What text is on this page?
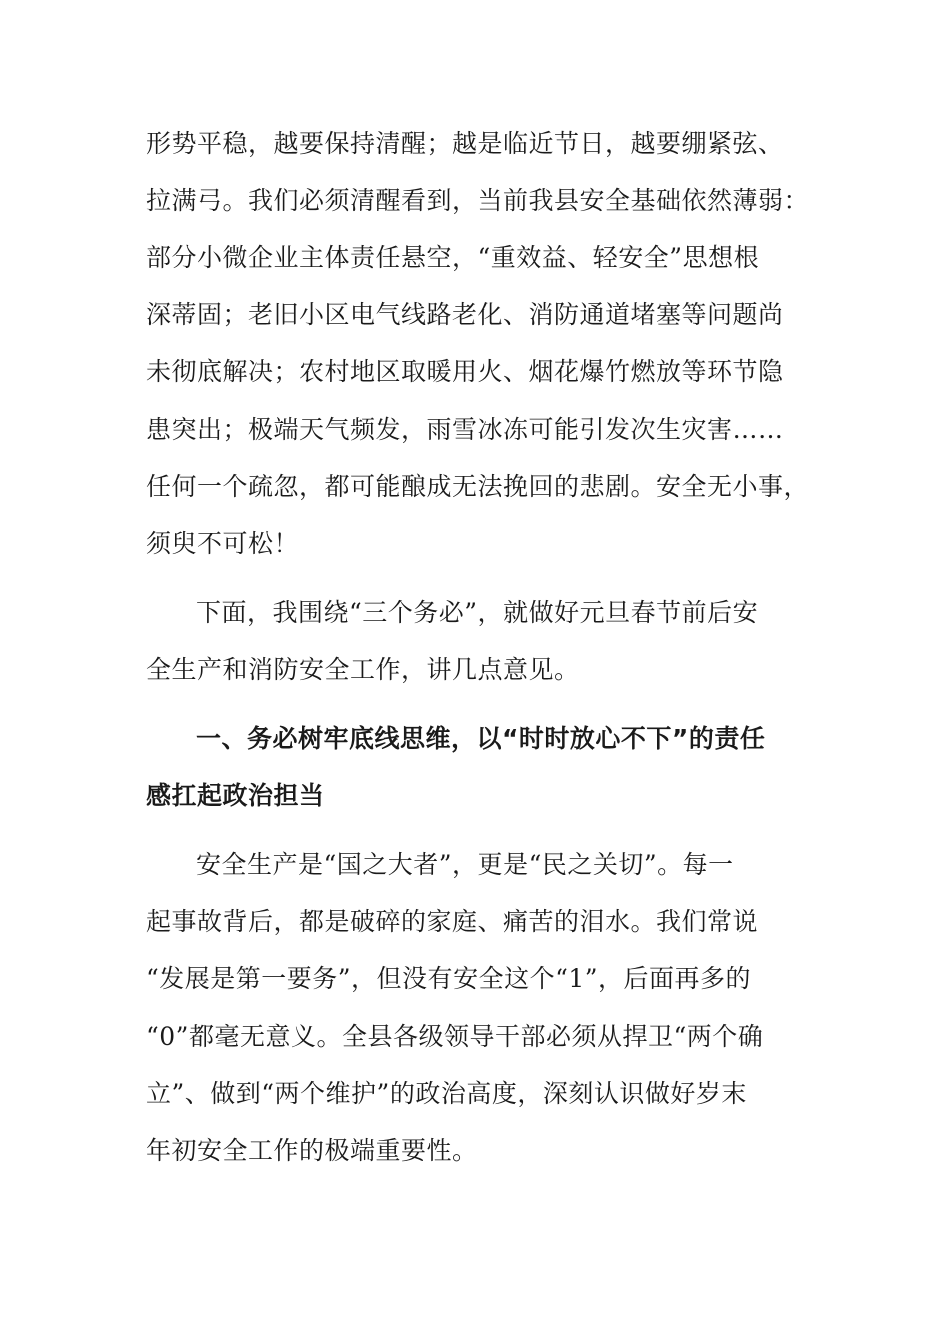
形势平稳，越要保持清醒；越是临近节日，越要绷紧弦、
拉满弓。我们必须清醒看到，当前我县安全基础依然薄弱：
部分小微企业主体责任悬空，“重效益、轻安全”思想根
深蒂固；老旧小区电气线路老化、消防通道堵塞等问题尚
未彻底解决；农村地区取暖用火、烟花爆竹燃放等环节隐
患突出；极端天气频发，雨雪冰冻可能引发次生灾害……
任何一个疏忽，都可能酿成无法挽回的悲剧。安全无小事，
须臾不可松！
下面，我围绕“三个务必”，就做好元旦春节前后安
全生产和消防安全工作，讲几点意见。
一、务必树牢底线思维，以“时时放心不下”的责任
感扛起政治担当
安全生产是“国之大者”，更是“民之关切”。每一
起事故背后，都是破碎的家庭、痛苦的泪水。我们常说
“发展是第一要务”，但没有安全这个“1”，后面再多的
“0”都毫无意义。全县各级领导干部必须从捍卫“两个确
立”、做到“两个维护”的政治高度，深刻认识做好岁末
年初安全工作的极端重要性。
